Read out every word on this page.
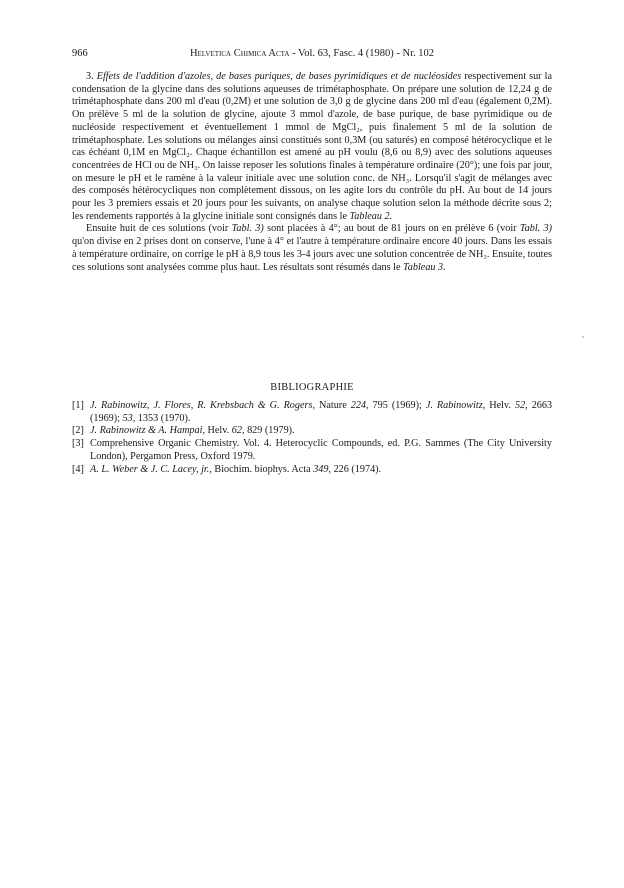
966	Helvetica Chimica Acta - Vol. 63, Fasc. 4 (1980) - Nr. 102

3. Effets de l'addition d'azoles, de bases puriques, de bases pyrimidiques et de nucléosides respectivement sur la condensation de la glycine dans des solutions aqueuses de trimétaphosphate. On prépare une solution de 12,24 g de trimétaphosphate dans 200 ml d'eau (0,2M) et une solution de 3,0 g de glycine dans 200 ml d'eau (également 0,2M). On prélève 5 ml de la solution de glycine, ajoute 3 mmol d'azole, de base purique, de base pyrimidique ou de nucléoside respectivement et éventuellement 1 mmol de MgCl₂, puis finalement 5 ml de la solution de trimétaphosphate. Les solutions ou mélanges ainsi constitués sont 0,3M (ou saturés) en composé hétérocyclique et le cas échéant 0,1M en MgCl₂. Chaque échantillon est amené au pH voulu (8,6 ou 8,9) avec des solutions aqueuses concentrées de HCl ou de NH₃. On laisse reposer les solutions finales à température ordinaire (20°); une fois par jour, on mesure le pH et le ramène à la valeur initiale avec une solution conc. de NH₃. Lorsqu'il s'agit de mélanges avec des composés hétérocycliques non complètement dissous, on les agite lors du contrôle du pH. Au bout de 14 jours pour les 3 premiers essais et 20 jours pour les suivants, on analyse chaque solution selon la méthode décrite sous 2; les rendements rapportés à la glycine initiale sont consignés dans le Tableau 2.

Ensuite huit de ces solutions (voir Tabl. 3) sont placées à 4°; au bout de 81 jours on en prélève 6 (voir Tabl. 3) qu'on divise en 2 prises dont on conserve, l'une à 4° et l'autre à température ordinaire encore 40 jours. Dans les essais à température ordinaire, on corrige le pH à 8,9 tous les 3-4 jours avec une solution concentrée de NH₃. Ensuite, toutes ces solutions sont analysées comme plus haut. Les résultats sont résumés dans le Tableau 3.

BIBLIOGRAPHIE
[1] J. Rabinowitz, J. Flores, R. Krebsbach & G. Rogers, Nature 224, 795 (1969); J. Rabinowitz, Helv. 52, 2663 (1969); 53, 1353 (1970).
[2] J. Rabinowitz & A. Hampai, Helv. 62, 829 (1979).
[3] Comprehensive Organic Chemistry. Vol. 4. Heterocyclic Compounds, ed. P.G. Sammes (The City University London), Pergamon Press, Oxford 1979.
[4] A. L. Weber & J. C. Lacey, jr., Biochim. biophys. Acta 349, 226 (1974).
